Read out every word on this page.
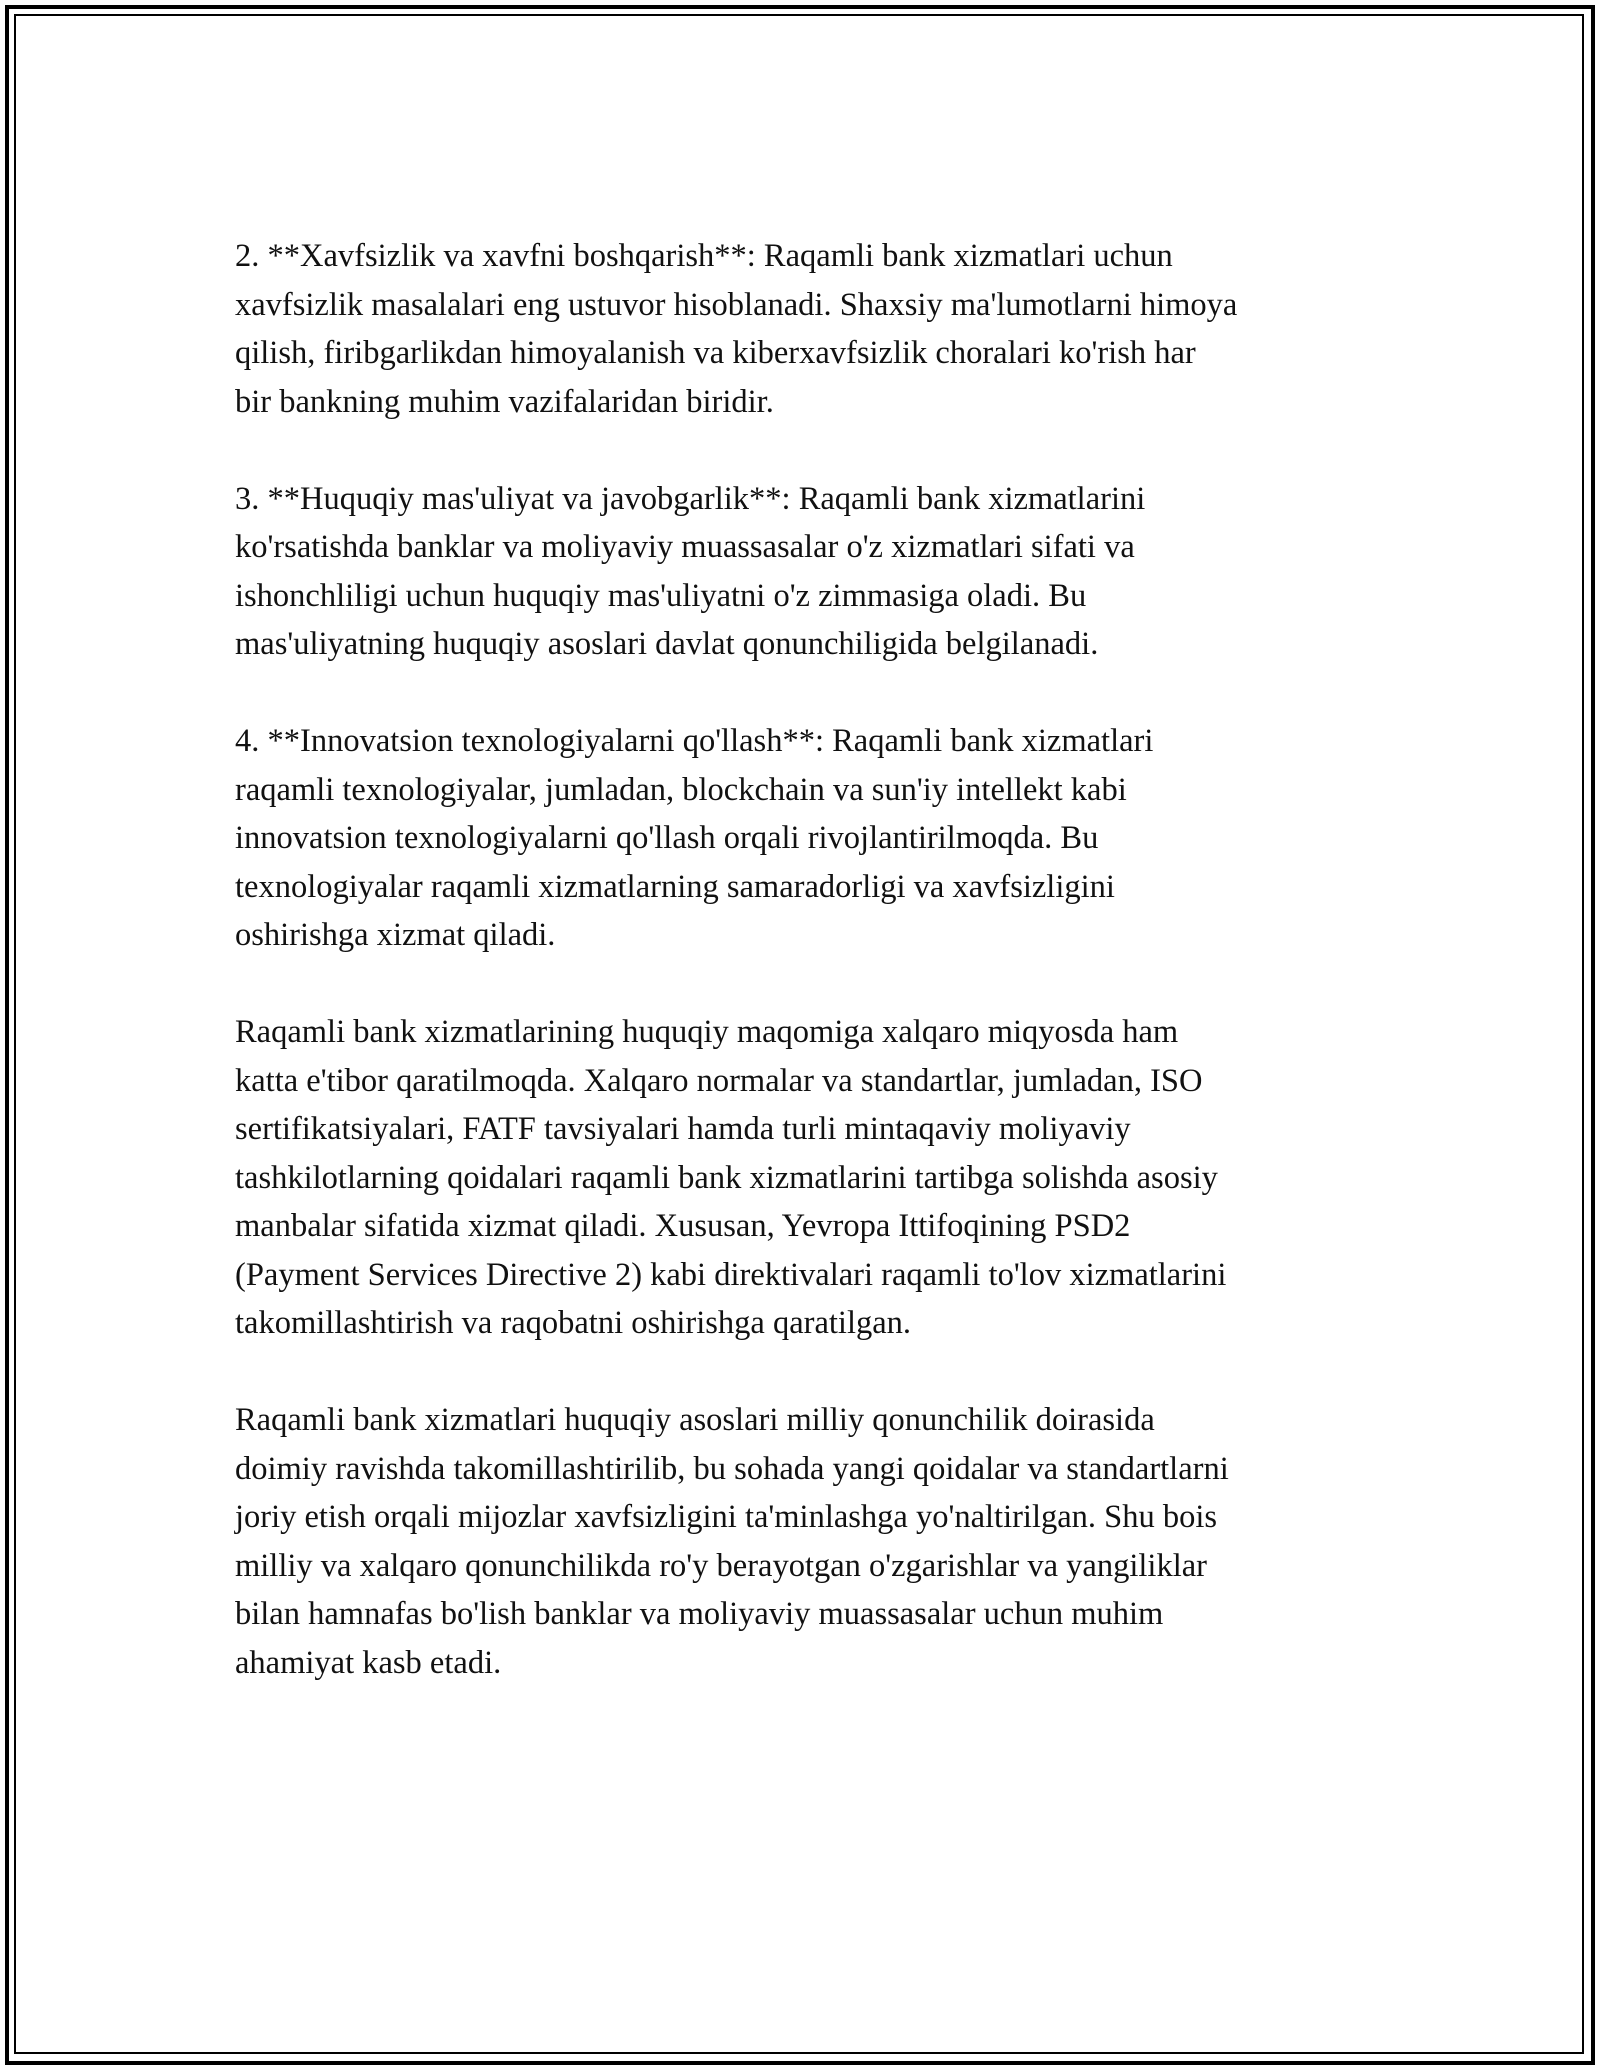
2. **Xavfsizlik va xavfni boshqarish**: Raqamli bank xizmatlari uchun
xavfsizlik masalalari eng ustuvor hisoblanadi. Shaxsiy ma'lumotlarni himoya
qilish, firibgarlikdan himoyalanish va kiberxavfsizlik choralari ko'rish har
bir bankning muhim vazifalaridan biridir.

3. **Huquqiy mas'uliyat va javobgarlik**: Raqamli bank xizmatlarini
ko'rsatishda banklar va moliyaviy muassasalar o'z xizmatlari sifati va
ishonchliligi uchun huquqiy mas'uliyatni o'z zimmasiga oladi. Bu
mas'uliyatning huquqiy asoslari davlat qonunchiligida belgilanadi.

4. **Innovatsion texnologiyalarni qo'llash**: Raqamli bank xizmatlari
raqamli texnologiyalar, jumladan, blockchain va sun'iy intellekt kabi
innovatsion texnologiyalarni qo'llash orqali rivojlantirilmoqda. Bu
texnologiyalar raqamli xizmatlarning samaradorligi va xavfsizligini
oshirishga xizmat qiladi.

Raqamli bank xizmatlarining huquqiy maqomiga xalqaro miqyosda ham
katta e'tibor qaratilmoqda. Xalqaro normalar va standartlar, jumladan, ISO
sertifikatsiyalari, FATF tavsiyalari hamda turli mintaqaviy moliyaviy
tashkilotlarning qoidalari raqamli bank xizmatlarini tartibga solishda asosiy
manbalar sifatida xizmat qiladi. Xususan, Yevropa Ittifoqining PSD2
(Payment Services Directive 2) kabi direktivalari raqamli to'lov xizmatlarini
takomillashtirish va raqobatni oshirishga qaratilgan.

Raqamli bank xizmatlari huquqiy asoslari milliy qonunchilik doirasida
doimiy ravishda takomillashtirilib, bu sohada yangi qoidalar va standartlarni
joriy etish orqali mijozlar xavfsizligini ta'minlashga yo'naltirilgan. Shu bois
milliy va xalqaro qonunchilikda ro'y berayotgan o'zgarishlar va yangiliklar
bilan hamnafas bo'lish banklar va moliyaviy muassasalar uchun muhim
ahamiyat kasb etadi.
